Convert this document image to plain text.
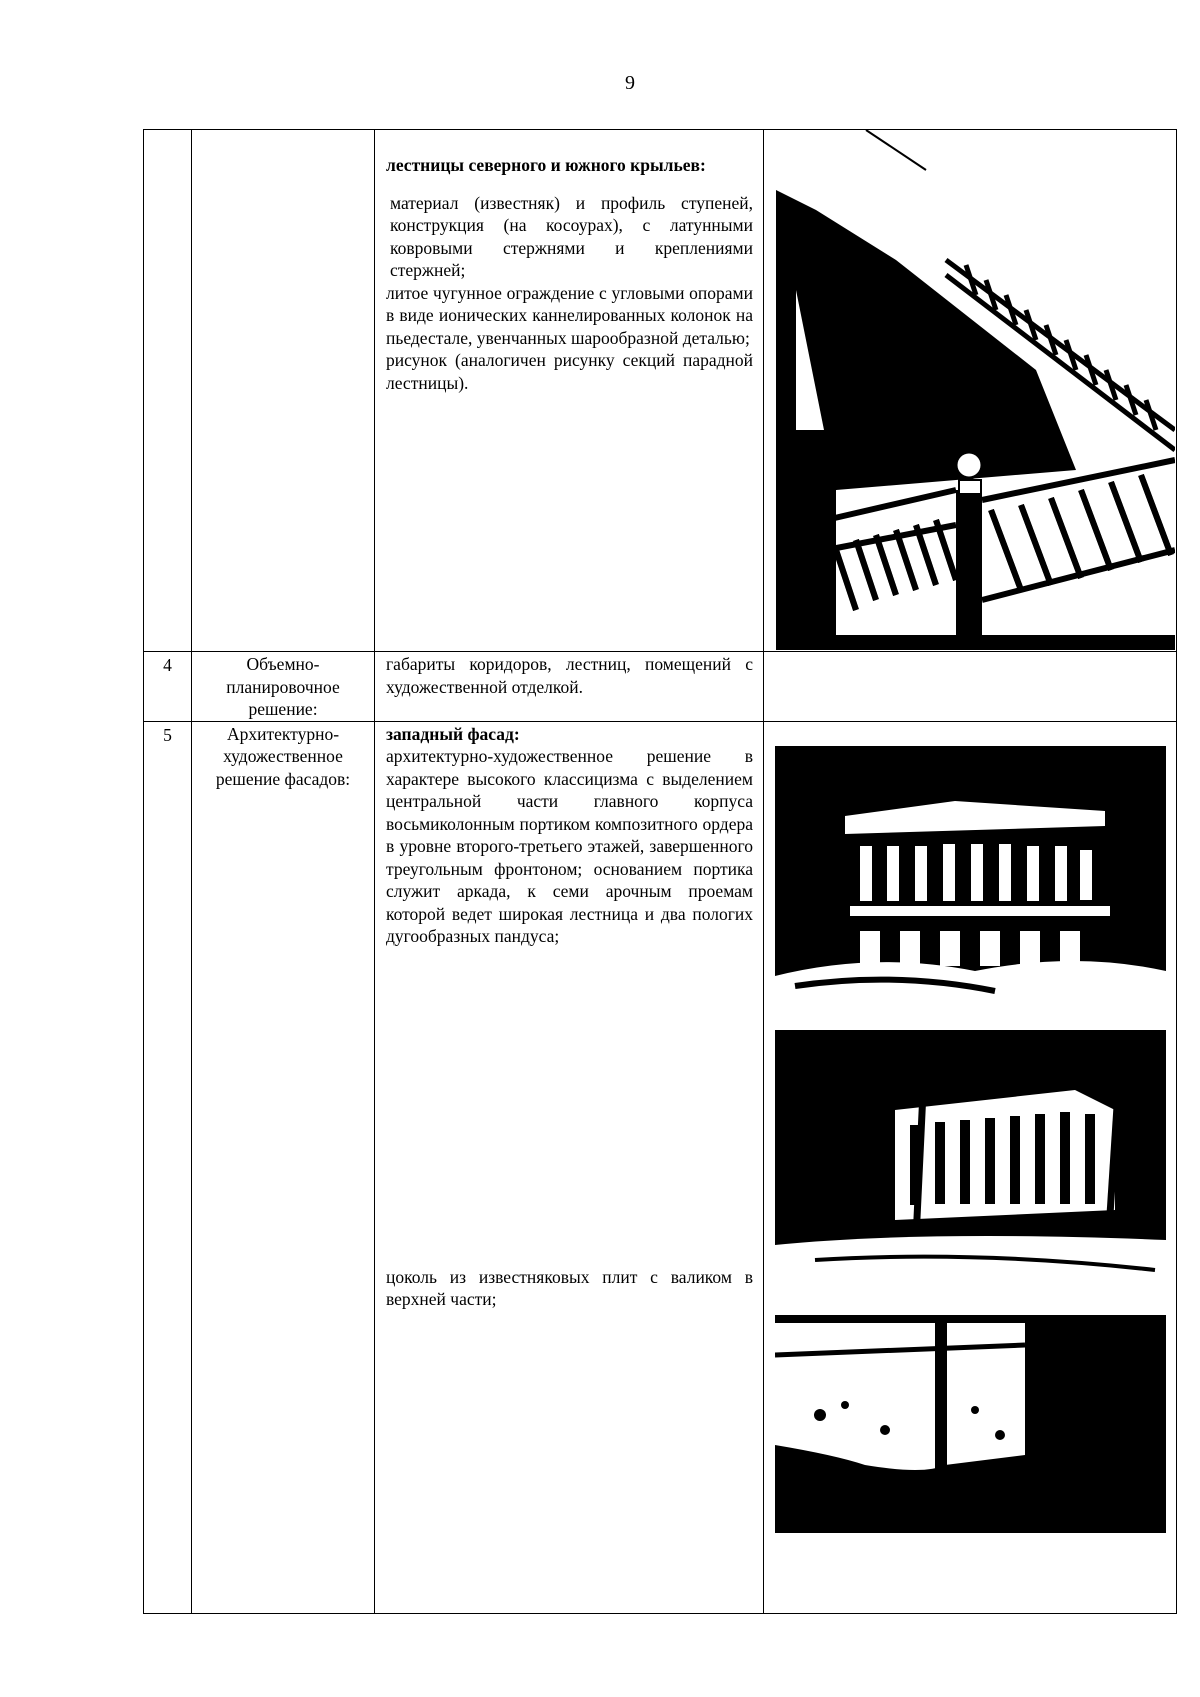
9

		лестницы северного и южного крыльев:

материал (известняк) и профиль ступеней, конструкция (на косоурах), с латунными ковровыми стержнями и креплениями стержней;

литое чугунное ограждение с угловыми опорами в виде ионических каннелированных колонок на пьедестале, увенчанных шарообразной деталью;

рисунок (аналогичен рисунку секций парадной лестницы).

4	Объемно-планировочное решение:	габариты коридоров, лестниц, помещений с художественной отделкой.	

5	Архитектурно-художественное решение фасадов:	западный фасад:

архитектурно-художественное решение в характере высокого классицизма с выделением центральной части главного корпуса восьмиколонным портиком композитного ордера в уровне второго-третьего этажей, завершенного треугольным фронтоном; основанием портика служит аркада, к семи арочным проемам которой ведет широкая лестница и два пологих дугообразных пандуса;

цоколь из известняковых плит с валиком в верхней части;
